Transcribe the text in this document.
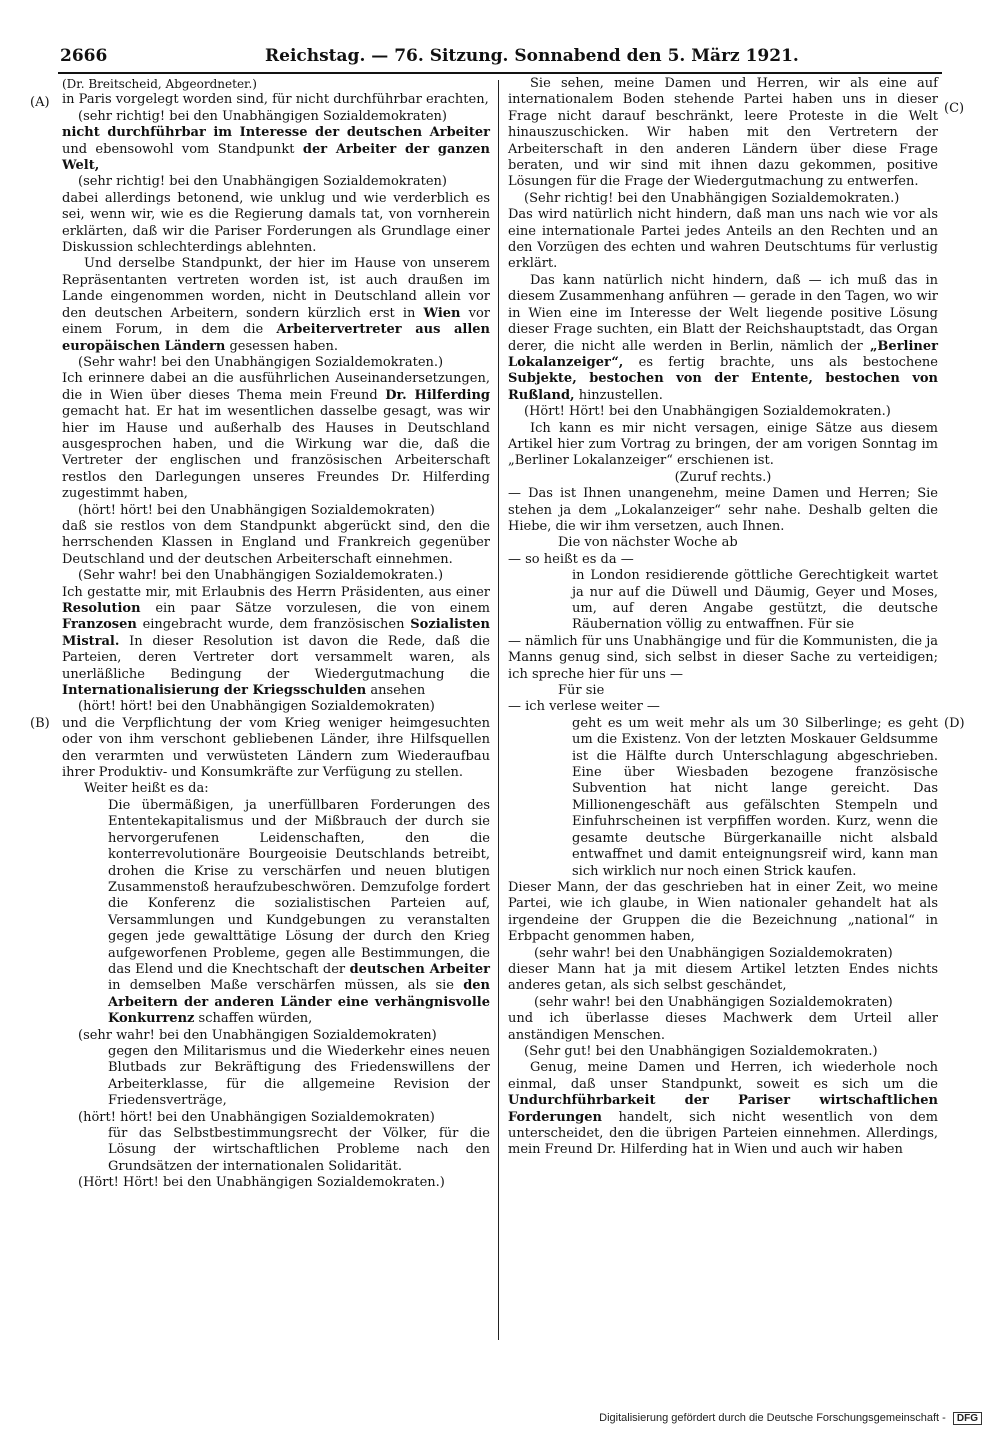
2666	Reichstag. — 76. Sitzung. Sonnabend den 5. März 1921.
(A)
(B)
(C)
(D)

(Dr. Breitscheid, Abgeordneter.)

in Paris vorgelegt worden sind, für nicht durchführbar erachten,

(sehr richtig! bei den Unabhängigen Sozialdemokraten)

nicht durchführbar im Interesse der deutschen Arbeiter und ebensowohl vom Standpunkt der Arbeiter der ganzen Welt,

(sehr richtig! bei den Unabhängigen Sozialdemokraten)

dabei allerdings betonend, wie unklug und wie verderblich es sei, wenn wir, wie es die Regierung damals tat, von vornherein erklärten, daß wir die Pariser Forderungen als Grundlage einer Diskussion schlechterdings ablehnten.

Und derselbe Standpunkt, der hier im Hause von unserem Repräsentanten vertreten worden ist, ist auch draußen im Lande eingenommen worden, nicht in Deutschland allein vor den deutschen Arbeitern, sondern kürzlich erst in Wien vor einem Forum, in dem die Arbeitervertreter aus allen europäischen Ländern gesessen haben.

(Sehr wahr! bei den Unabhängigen Sozialdemokraten.)

Ich erinnere dabei an die ausführlichen Auseinandersetzungen, die in Wien über dieses Thema mein Freund Dr. Hilferding gemacht hat. Er hat im wesentlichen dasselbe gesagt, was wir hier im Hause und außerhalb des Hauses in Deutschland ausgesprochen haben, und die Wirkung war die, daß die Vertreter der englischen und französischen Arbeiterschaft restlos den Darlegungen unseres Freundes Dr. Hilferding zugestimmt haben,

(hört! hört! bei den Unabhängigen Sozialdemokraten)

daß sie restlos von dem Standpunkt abgerückt sind, den die herrschenden Klassen in England und Frankreich gegenüber Deutschland und der deutschen Arbeiterschaft einnehmen.

(Sehr wahr! bei den Unabhängigen Sozialdemokraten.)

Ich gestatte mir, mit Erlaubnis des Herrn Präsidenten, aus einer Resolution ein paar Sätze vorzulesen, die von einem Franzosen eingebracht wurde, dem französischen Sozialisten Mistral. In dieser Resolution ist davon die Rede, daß die Parteien, deren Vertreter dort versammelt waren, als unerläßliche Bedingung der Wiedergutmachung die Internationalisierung der Kriegsschulden ansehen

(hört! hört! bei den Unabhängigen Sozialdemokraten)

und die Verpflichtung der vom Krieg weniger heimgesuchten oder von ihm verschont gebliebenen Länder, ihre Hilfsquellen den verarmten und verwüsteten Ländern zum Wiederaufbau ihrer Produktiv- und Konsumkräfte zur Verfügung zu stellen.

Weiter heißt es da:

Die übermäßigen, ja unerfüllbaren Forderungen des Ententekapitalismus und der Mißbrauch der durch sie hervorgerufenen Leidenschaften, den die konterrevolutionäre Bourgeoisie Deutschlands betreibt, drohen die Krise zu verschärfen und neuen blutigen Zusammenstoß heraufzubeschwören. Demzufolge fordert die Konferenz die sozialistischen Parteien auf, Versammlungen und Kundgebungen zu veranstalten gegen jede gewalttätige Lösung der durch den Krieg aufgeworfenen Probleme, gegen alle Bestimmungen, die das Elend und die Knechtschaft der deutschen Arbeiter in demselben Maße verschärfen müssen, als sie den Arbeitern der anderen Länder eine verhängnisvolle Konkurrenz schaffen würden,

(sehr wahr! bei den Unabhängigen Sozialdemokraten)

gegen den Militarismus und die Wiederkehr eines neuen Blutbads zur Bekräftigung des Friedenswillens der Arbeiterklasse, für die allgemeine Revision der Friedensverträge,

(hört! hört! bei den Unabhängigen Sozialdemokraten)

für das Selbstbestimmungsrecht der Völker, für die Lösung der wirtschaftlichen Probleme nach den Grundsätzen der internationalen Solidarität.

(Hört! Hört! bei den Unabhängigen Sozialdemokraten.)

Sie sehen, meine Damen und Herren, wir als eine auf internationalem Boden stehende Partei haben uns in dieser Frage nicht darauf beschränkt, leere Proteste in die Welt hinauszuschicken. Wir haben mit den Vertretern der Arbeiterschaft in den anderen Ländern über diese Frage beraten, und wir sind mit ihnen dazu gekommen, positive Lösungen für die Frage der Wiedergutmachung zu entwerfen.

(Sehr richtig! bei den Unabhängigen Sozialdemokraten.)

Das wird natürlich nicht hindern, daß man uns nach wie vor als eine internationale Partei jedes Anteils an den Rechten und an den Vorzügen des echten und wahren Deutschtums für verlustig erklärt.

Das kann natürlich nicht hindern, daß — ich muß das in diesem Zusammenhang anführen — gerade in den Tagen, wo wir in Wien eine im Interesse der Welt liegende positive Lösung dieser Frage suchten, ein Blatt der Reichshauptstadt, das Organ derer, die nicht alle werden in Berlin, nämlich der „Berliner Lokalanzeiger“, es fertig brachte, uns als bestochene Subjekte, bestochen von der Entente, bestochen von Rußland, hinzustellen.

(Hört! Hört! bei den Unabhängigen Sozialdemokraten.)

Ich kann es mir nicht versagen, einige Sätze aus diesem Artikel hier zum Vortrag zu bringen, der am vorigen Sonntag im „Berliner Lokalanzeiger“ erschienen ist.

(Zuruf rechts.)

— Das ist Ihnen unangenehm, meine Damen und Herren; Sie stehen ja dem „Lokalanzeiger“ sehr nahe. Deshalb gelten die Hiebe, die wir ihm versetzen, auch Ihnen.

Die von nächster Woche ab

— so heißt es da —

in London residierende göttliche Gerechtigkeit wartet ja nur auf die Düwell und Däumig, Geyer und Moses, um, auf deren Angabe gestützt, die deutsche Räubernation völlig zu entwaffnen. Für sie

— nämlich für uns Unabhängige und für die Kommunisten, die ja Manns genug sind, sich selbst in dieser Sache zu verteidigen; ich spreche hier für uns —

Für sie

— ich verlese weiter —

geht es um weit mehr als um 30 Silberlinge; es geht um die Existenz. Von der letzten Moskauer Geldsumme ist die Hälfte durch Unterschlagung abgeschrieben. Eine über Wiesbaden bezogene französische Subvention hat nicht lange gereicht. Das Millionengeschäft aus gefälschten Stempeln und Einfuhrscheinen ist verpfiffen worden. Kurz, wenn die gesamte deutsche Bürgerkanaille nicht alsbald entwaffnet und damit enteignungsreif wird, kann man sich wirklich nur noch einen Strick kaufen.

Dieser Mann, der das geschrieben hat in einer Zeit, wo meine Partei, wie ich glaube, in Wien nationaler gehandelt hat als irgendeine der Gruppen die die Bezeichnung „national“ in Erbpacht genommen haben,

(sehr wahr! bei den Unabhängigen Sozialdemokraten)

dieser Mann hat ja mit diesem Artikel letzten Endes nichts anderes getan, als sich selbst geschändet,

(sehr wahr! bei den Unabhängigen Sozialdemokraten)

und ich überlasse dieses Machwerk dem Urteil aller anständigen Menschen.

(Sehr gut! bei den Unabhängigen Sozialdemokraten.)

Genug, meine Damen und Herren, ich wiederhole noch einmal, daß unser Standpunkt, soweit es sich um die Undurchführbarkeit der Pariser wirtschaftlichen Forderungen handelt, sich nicht wesentlich von dem unterscheidet, den die übrigen Parteien einnehmen. Allerdings, mein Freund Dr. Hilferding hat in Wien und auch wir haben

Digitalisierung gefördert durch die Deutsche Forschungsgemeinschaft - DFG
